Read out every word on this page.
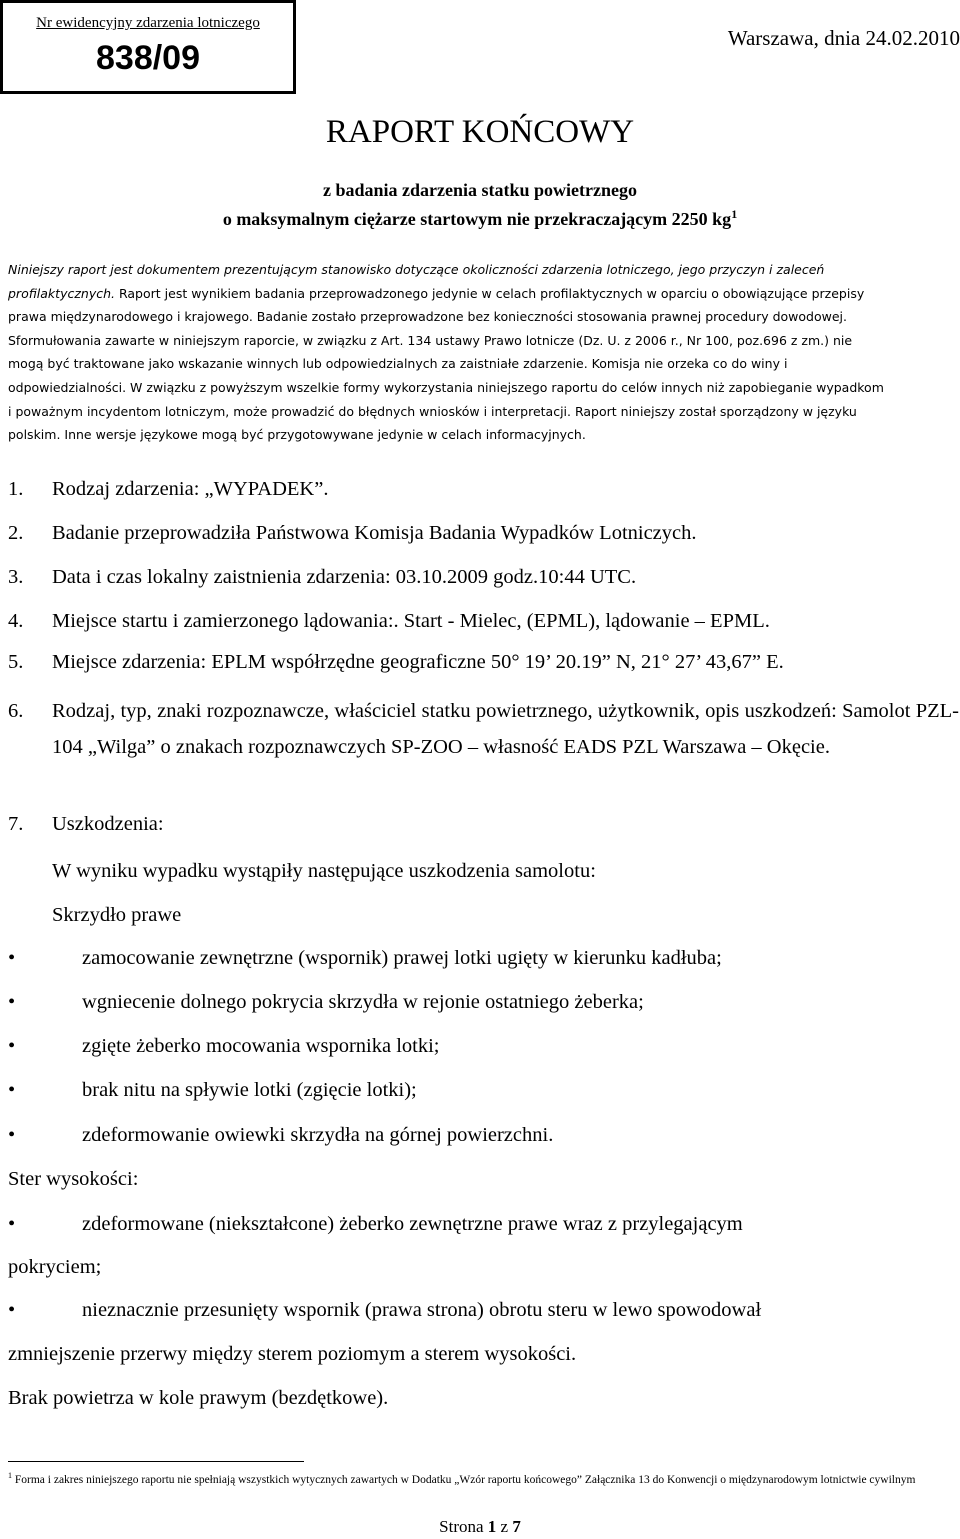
Nr ewidencyjny zdarzenia lotniczego
838/09
Warszawa, dnia 24.02.2010
RAPORT KOŃCOWY
z badania zdarzenia statku powietrznego
o maksymalnym ciężarze startowym nie przekraczającym 2250 $kg^1$
Niniejszy raport jest dokumentem prezentującym stanowisko dotyczące okoliczności zdarzenia lotniczego, jego przyczyn i zaleceń profilaktycznych. Raport jest wynikiem badania przeprowadzonego jedynie w celach profilaktycznych w oparciu o obowiązujące przepisy prawa międzynarodowego i krajowego. Badanie zostało przeprowadzone bez konieczności stosowania prawnej procedury dowodowej. Sformułowania zawarte w niniejszym raporcie, w związku z Art. 134 ustawy Prawo lotnicze (Dz. U. z 2006 r., Nr 100, poz.696 z zm.) nie mogą być traktowane jako wskazanie winnych lub odpowiedzialnych za zaistniałe zdarzenie. Komisja nie orzeka co do winy i odpowiedzialności. W związku z powyższym wszelkie formy wykorzystania niniejszego raportu do celów innych niż zapobieganie wypadkom i poważnym incydentom lotniczym, może prowadzić do błędnych wniosków i interpretacji. Raport niniejszy został sporządzony w języku polskim. Inne wersje językowe mogą być przygotowywane jedynie w celach informacyjnych.
1. Rodzaj zdarzenia: „WYPADEK”.
2. Badanie przeprowadziła Państwowa Komisja Badania Wypadków Lotniczych.
3. Data i czas lokalny zaistnienia zdarzenia: 03.10.2009 godz.10:44 UTC.
4. Miejsce startu i zamierzonego lądowania:. Start - Mielec, (EPML), lądowanie – EPML.
5. Miejsce zdarzenia: EPLM współrzędne geograficzne 50° 19’ 20.19” N, 21° 27’ 43,67” E.
6. Rodzaj, typ, znaki rozpoznawcze, właściciel statku powietrznego, użytkownik, opis uszkodzeń: Samolot PZL-104 „Wilga” o znakach rozpoznawczych SP-ZOO – własność EADS PZL Warszawa – Okęcie.
7. Uszkodzenia:
W wyniku wypadku wystąpiły następujące uszkodzenia samolotu:
Skrzydło prawe
•	zamocowanie zewnętrzne (wspornik) prawej lotki ugięty w kierunku kadłuba;
•	wgniecenie dolnego pokrycia skrzydła w rejonie ostatniego żeberka;
•	zgięte żeberko mocowania wspornika lotki;
•	brak nitu na spływie lotki (zgięcie lotki);
•	zdeformowanie owiewki skrzydła na górnej powierzchni.
Ster wysokości:
•	zdeformowane (niekształcone) żeberko zewnętrzne prawe wraz z przylegającym
pokryciem;
•	nieznacznie przesunięty wspornik (prawa strona) obrotu steru w lewo spowodował
zmniejszenie przerwy między sterem poziomym a sterem wysokości.
Brak powietrza w kole prawym (bezdętkowe).
$^1$ Forma i zakres niniejszego raportu nie spełniają wszystkich wytycznych zawartych w Dodatku „Wzór raportu końcowego” Załącznika 13 do Konwencji o międzynarodowym lotnictwie cywilnym
Strona 1 z 7
